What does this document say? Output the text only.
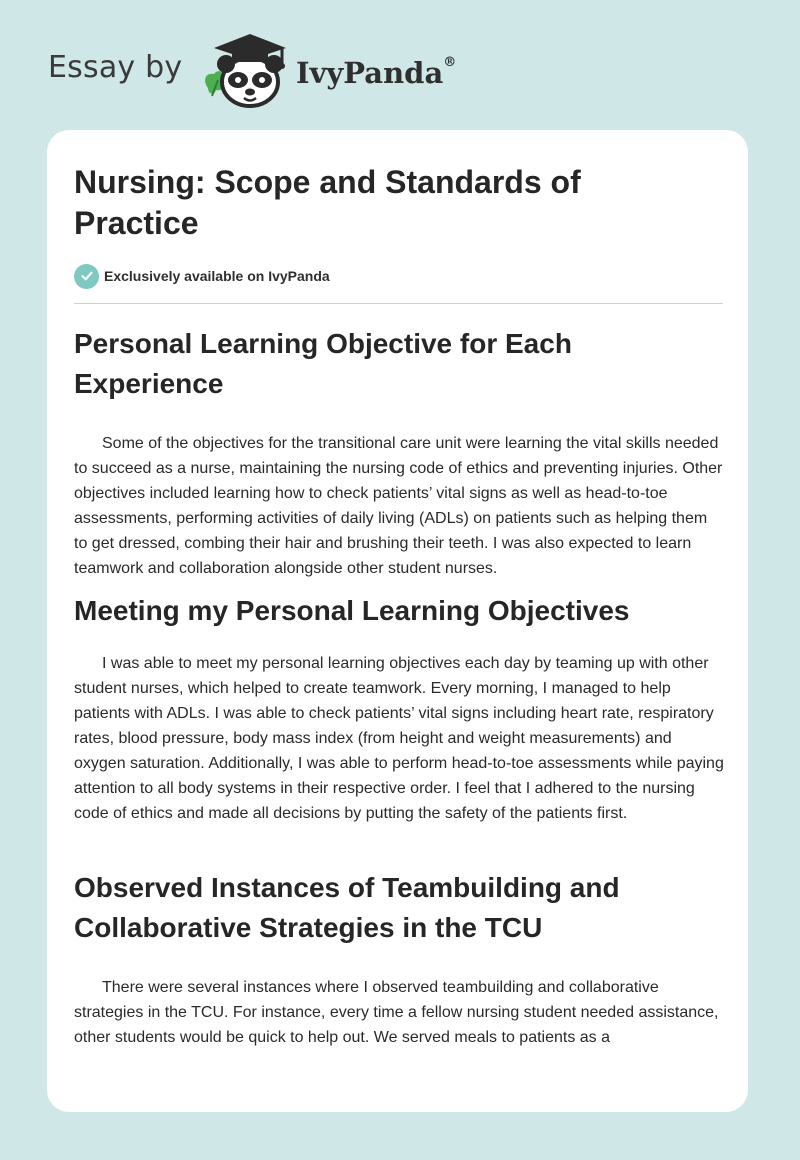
Essay by	IvyPanda®
Nursing: Scope and Standards of Practice
Exclusively available on IvyPanda
Personal Learning Objective for Each Experience

Some of the objectives for the transitional care unit were learning the vital skills needed to succeed as a nurse, maintaining the nursing code of ethics and preventing injuries. Other objectives included learning how to check patients’ vital signs as well as head-to-toe assessments, performing activities of daily living (ADLs) on patients such as helping them to get dressed, combing their hair and brushing their teeth. I was also expected to learn teamwork and collaboration alongside other student nurses.

Meeting my Personal Learning Objectives

I was able to meet my personal learning objectives each day by teaming up with other student nurses, which helped to create teamwork. Every morning, I managed to help patients with ADLs. I was able to check patients’ vital signs including heart rate, respiratory rates, blood pressure, body mass index (from height and weight measurements) and oxygen saturation. Additionally, I was able to perform head-to-toe assessments while paying attention to all body systems in their respective order. I feel that I adhered to the nursing code of ethics and made all decisions by putting the safety of the patients first.

Observed Instances of Teambuilding and Collaborative Strategies in the TCU

There were several instances where I observed teambuilding and collaborative strategies in the TCU. For instance, every time a fellow nursing student needed assistance, other students would be quick to help out. We served meals to patients as a
